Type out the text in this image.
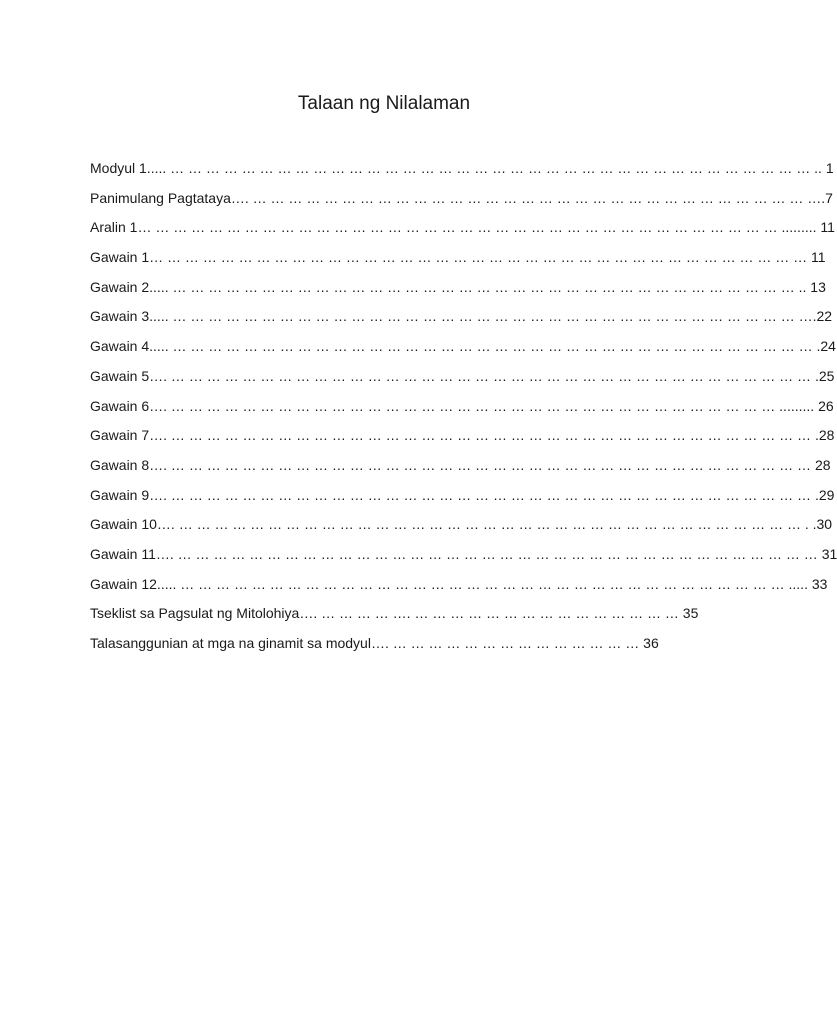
Talaan ng Nilalaman
Modyul 1..... … … … … … … … … … … … … … … … … … … … … … … … … … … … … … … … … … … … … .. 1
Panimulang Pagtataya…. … … … … … … … … … … … … … … … … … … … … … … … … … … … … … … … ….7
Aralin 1… … … … … … … … … … … … … … … … … … … … … … … … … … … … … … … … … … … … ......... 11
Gawain 1… … … … … … … … … … … … … … … … … … … … … … … … … … … … … … … … … … … … … 11
Gawain 2..... … … … … … … … … … … … … … … … … … … … … … … … … … … … … … … … … … … … .. 13
Gawain 3..... … … … … … … … … … … … … … … … … … … … … … … … … … … … … … … … … … … … ….22
Gawain 4..... … … … … … … … … … … … … … … … … … … … … … … … … … … … … … … … … … … … … .24
Gawain 5…. … … … … … … … … … … … … … … … … … … … … … … … … … … … … … … … … … … … … .25
Gawain 6…. … … … … … … … … … … … … … … … … … … … … … … … … … … … … … … … … … … ......... 26
Gawain 7…. … … … … … … … … … … … … … … … … … … … … … … … … … … … … … … … … … … … … .28
Gawain 8…. … … … … … … … … … … … … … … … … … … … … … … … … … … … … … … … … … … … … 28
Gawain 9…. … … … … … … … … … … … … … … … … … … … … … … … … … … … … … … … … … … … … .29
Gawain 10…. … … … … … … … … … … … … … … … … … … … … … … … … … … … … … … … … … … … . .30
Gawain 11…. … … … … … … … … … … … … … … … … … … … … … … … … … … … … … … … … … … … … 31
Gawain 12..... … … … … … … … … … … … … … … … … … … … … … … … … … … … … … … … … … … ..... 33
Tseklist sa Pagsulat ng Mitolohiya…. … … … … …. … … … … … … … … … … … … … … … 35
Talasanggunian at mga na ginamit sa modyul…. … … … … … … … … … … … … … … 36
